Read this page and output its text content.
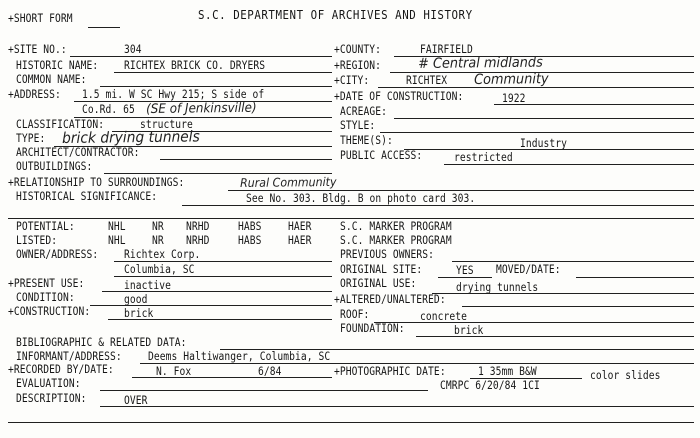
+SHORT FORM	S.C. DEPARTMENT OF ARCHIVES AND HISTORY
+SITE NO.:	304
HISTORIC NAME: RICHTEX BRICK CO. DRYERS
COMMON NAME:
+ADDRESS: 1.5 mi. W SC Hwy 215; S side of
Co.Rd. 65 (SE of Jenkinsville)
CLASSIFICATION:	structure
TYPE: brick drying tunnels
ARCHITECT/CONTRACTOR:
OUTBUILDINGS:
+COUNTY:	FAIRFIELD
+REGION:	# Central midlands
+CITY:	RICHTEX Community
+DATE OF CONSTRUCTION:	1922
ACREAGE:
STYLE:
THEME(S):	Industry
PUBLIC ACCESS:	restricted
+RELATIONSHIP TO SURROUNDINGS:	Rural Community
HISTORICAL SIGNIFICANCE:	See No. 303. Bldg. B on photo card 303.
POTENTIAL:	NHL NR NRHD	HABS HAER	S.C. MARKER PROGRAM
LISTED:	NHL NR NRHD	HABS HAER	S.C. MARKER PROGRAM
OWNER/ADDRESS: Richtex Corp.
Columbia, SC
PREVIOUS OWNERS:
ORIGINAL SITE:	YES MOVED/DATE:
+PRESENT USE:	inactive	ORIGINAL USE:	drying tunnels
CONDITION:	good	+ALTERED/UNALTERED:
+CONSTRUCTION:	brick	ROOF:	concrete
FOUNDATION:	brick
BIBLIOGRAPHIC & RELATED DATA:
INFORMANT/ADDRESS: Deems Haltiwanger, Columbia, SC
+RECORDED BY/DATE:	N. Fox	6/84	+PHOTOGRAPHIC DATE:	1 35mm B&W	color slides
EVALUATION:	CMRPC 6/20/84 1CI
DESCRIPTION:	OVER
